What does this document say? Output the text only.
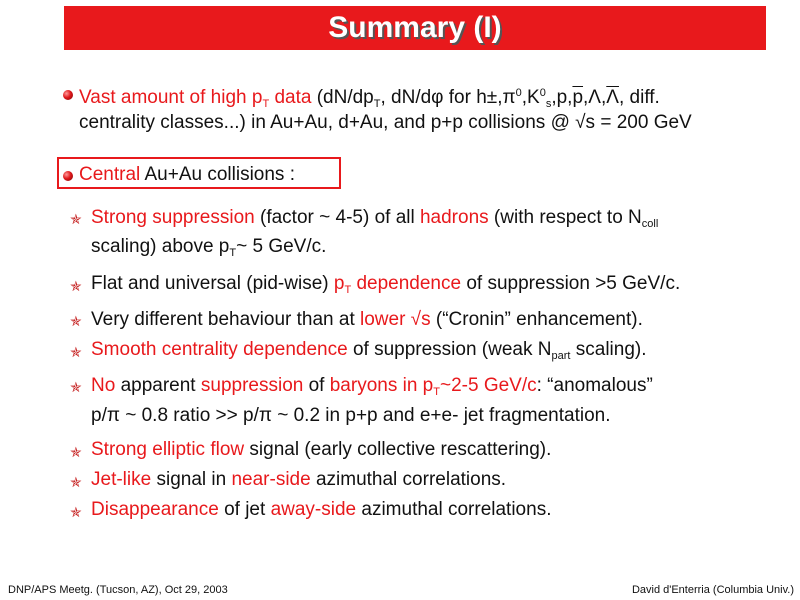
Summary (I)
Vast amount of high $p_T$ data ($dN/dp_T$, dN/dφ for $h\pm,\pi^0,K^0_s,p,\overline{p},\Lambda,\overline{\Lambda}$, diff.
centrality classes...) in Au+Au, d+Au, and p+p collisions @ √s = 200 GeV
Central Au+Au collisions :
✯ Strong suppression (factor ~ 4-5) of all hadrons (with respect to $N_{coll}$
scaling) above $p_T\sim$ 5 GeV/c.
✯ Flat and universal (pid-wise) $p_T$ dependence of suppression >5 GeV/c.
✯ Very different behaviour than at lower √s (“Cronin” enhancement).
✯ Smooth centrality dependence of suppression (weak $N_{part}$ scaling).
✯ No apparent suppression of baryons in $p_T\sim 2-5$ GeV/c: “anomalous”
p/π ~ 0.8 ratio >> p/π ~ 0.2 in p+p and e+e- jet fragmentation.
✯ Strong elliptic flow signal (early collective rescattering).
✯ Jet-like signal in near-side azimuthal correlations.
✯ Disappearance of jet away-side azimuthal correlations.
DNP/APS Meetg. (Tucson, AZ), Oct 29, 2003	David d'Enterria (Columbia Univ.)
